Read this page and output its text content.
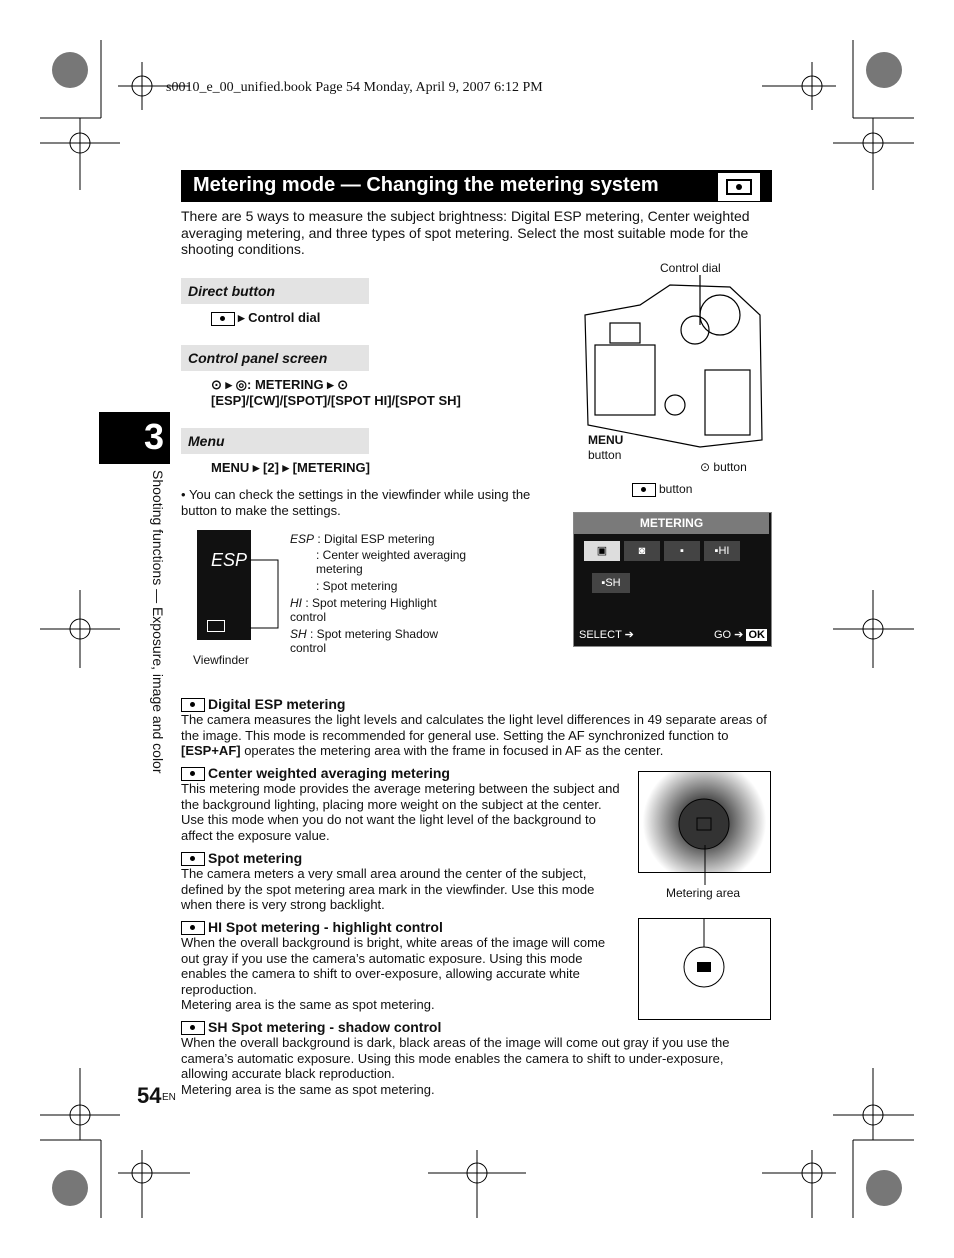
s0010_e_00_unified.book Page 54 Monday, April 9, 2007 6:12 PM
Metering mode — Changing the metering system
There are 5 ways to measure the subject brightness: Digital ESP metering, Center weighted averaging metering, and three types of spot metering. Select the most suitable mode for the shooting conditions.
Direct button
▸ Control dial
Control panel screen
⊙ ▸ ◎: METERING ▸ ⊙
[ESP]/[CW]/[SPOT]/[SPOT HI]/[SPOT SH]
Menu
MENU ▸ [2] ▸ [METERING]
Control dial
MENU
button
⊙ button
button
• You can check the settings in the viewfinder while using the button to make the settings.
ESP
Viewfinder
ESP : Digital ESP metering
: Center weighted averaging metering
: Spot metering
HI : Spot metering Highlight control
SH : Spot metering Shadow control
METERING
▣	◙	▪	▪HI
▪SH
SELECT ➔	GO ➔ OK
3
Shooting functions — Exposure, image and color	Digital ESP metering
The camera measures the light levels and calculates the light level differences in 49 separate areas of the image. This mode is recommended for general use. Setting the AF synchronized function to [ESP+AF] operates the metering area with the frame in focused in AF as the center.
Center weighted averaging metering
This metering mode provides the average metering between the subject and the background lighting, placing more weight on the subject at the center. Use this mode when you do not want the light level of the background to affect the exposure value.
Spot metering
The camera meters a very small area around the center of the subject, defined by the spot metering area mark in the viewfinder. Use this mode when there is very strong backlight.
HI Spot metering - highlight control
When the overall background is bright, white areas of the image will come out gray if you use the camera’s automatic exposure. Using this mode enables the camera to shift to over-exposure, allowing accurate white reproduction.
Metering area is the same as spot metering.
SH Spot metering - shadow control
When the overall background is dark, black areas of the image will come out gray if you use the camera’s automatic exposure. Using this mode enables the camera to shift to under-exposure, allowing accurate black reproduction.
Metering area is the same as spot metering.
Metering area
54 EN
